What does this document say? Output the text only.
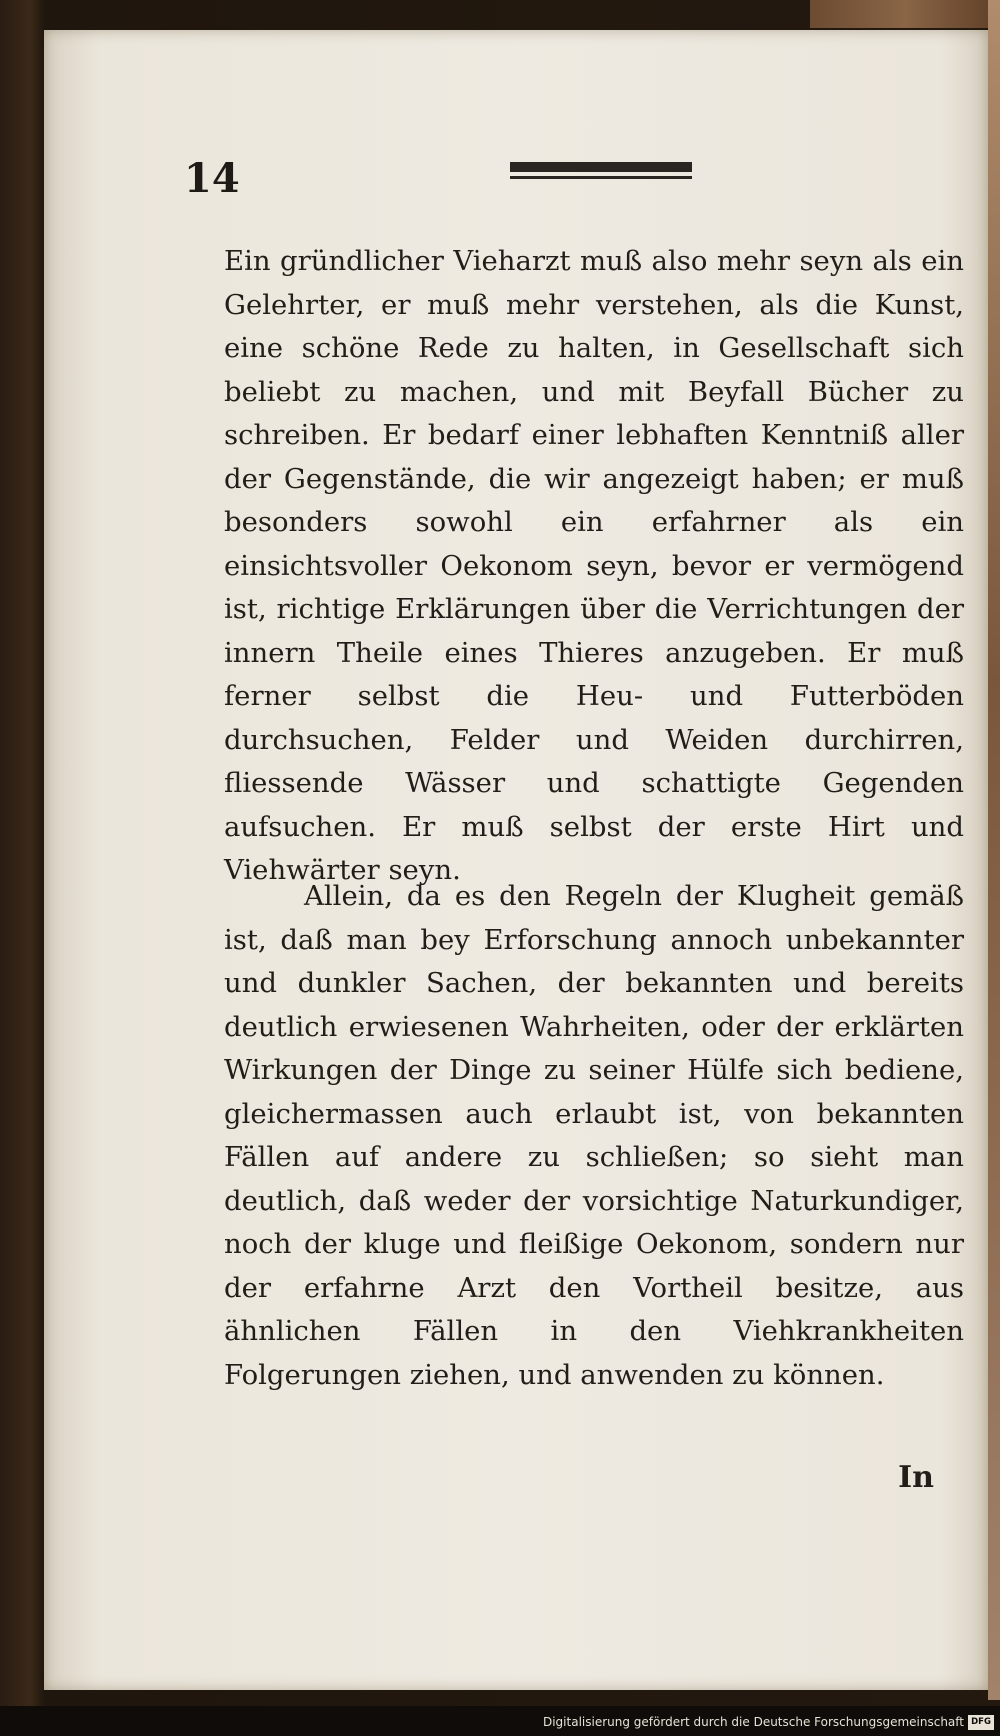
14
Ein gründlicher Vieharzt muß also mehr seyn als ein Gelehrter, er muß mehr verstehen, als die Kunst, eine schöne Rede zu halten, in Gesellschaft sich beliebt zu machen, und mit Beyfall Bücher zu schreiben. Er bedarf einer lebhaften Kenntniß aller der Gegenstände, die wir angezeigt haben; er muß besonders sowohl ein erfahrner als ein einsichtsvoller Oekonom seyn, bevor er vermögend ist, richtige Erklärungen über die Verrichtungen der innern Theile eines Thieres anzugeben. Er muß ferner selbst die Heu- und Futterböden durchsuchen, Felder und Weiden durchirren, fliessende Wässer und schattigte Gegenden aufsuchen. Er muß selbst der erste Hirt und Viehwärter seyn.
Allein, da es den Regeln der Klugheit gemäß ist, daß man bey Erforschung annoch unbekannter und dunkler Sachen, der bekannten und bereits deutlich erwiesenen Wahrheiten, oder der erklärten Wirkungen der Dinge zu seiner Hülfe sich bediene, gleichermassen auch erlaubt ist, von bekannten Fällen auf andere zu schließen; so sieht man deutlich, daß weder der vorsichtige Naturkundiger, noch der kluge und fleißige Oekonom, sondern nur der erfahrne Arzt den Vortheil besitze, aus ähnlichen Fällen in den Viehkrankheiten Folgerungen ziehen, und anwenden zu können.
In
Digitalisierung gefördert durch die Deutsche Forschungsgemeinschaft DFG
